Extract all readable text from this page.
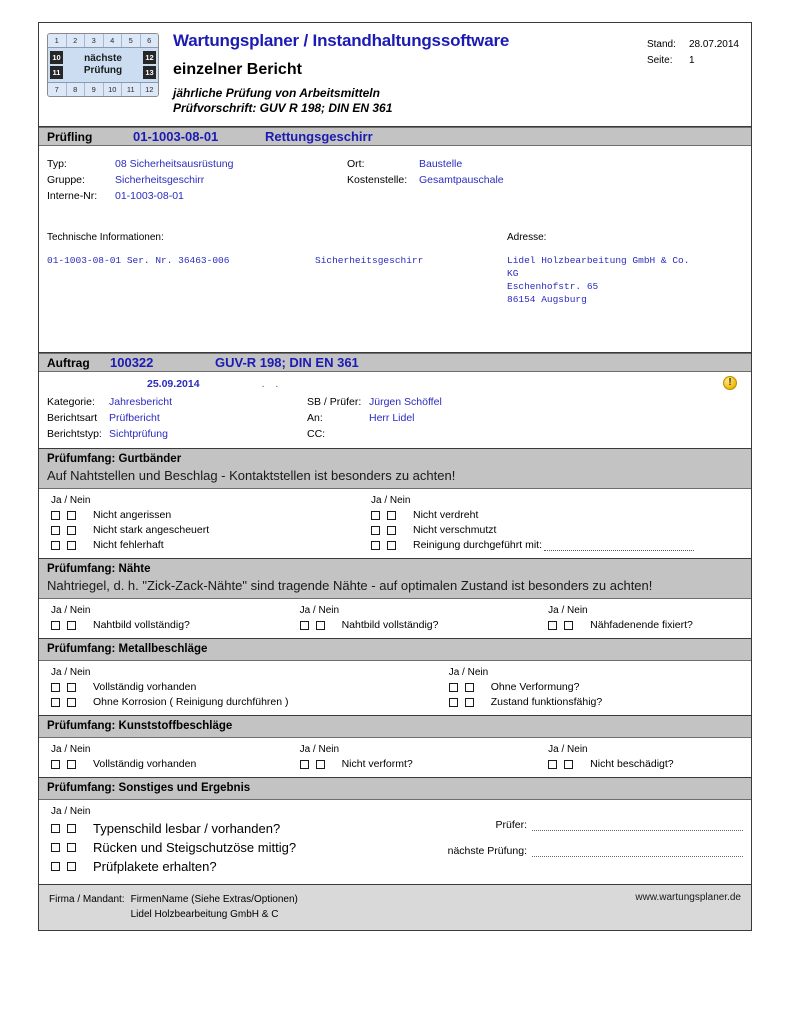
1	2	3	4	5	6
10
11
nächste
Prüfung
12
13
7	8	9	10	11	12
Wartungsplaner / Instandhaltungssoftware
einzelner Bericht
jährliche Prüfung von Arbeitsmitteln
Prüfvorschrift: GUV R 198; DIN EN 361
Stand:	28.07.2014
Seite:	1
Prüfling	01-1003-08-01	Rettungsgeschirr
Typ:	08 Sicherheitsausrüstung
Gruppe:	Sicherheitsgeschirr
Interne-Nr:	01-1003-08-01
Ort:	Baustelle
Kostenstelle:	Gesamtpauschale
Technische Informationen:
01-1003-08-01 Ser. Nr. 36463-006	Sicherheitsgeschirr
Adresse:
Lidel Holzbearbeitung GmbH & Co.
KG
Eschenhofstr. 65
86154 Augsburg
Auftrag	100322	GUV-R 198; DIN EN 361
!
25.09.2014	. .
Kategorie:	Jahresbericht
Berichtsart	Prüfbericht
Berichtstyp: Sichtprüfung
SB / Prüfer: Jürgen Schöffel
An:	Herr Lidel
CC:
Prüfumfang: Gurtbänder
Auf Nahtstellen und Beschlag - Kontaktstellen ist besonders zu achten!
Ja / Nein
Nicht angerissen
Nicht stark angescheuert
Nicht fehlerhaft
Ja / Nein
Nicht verdreht
Nicht verschmutzt
Reinigung durchgeführt mit:
Prüfumfang: Nähte
Nahtriegel, d. h. "Zick-Zack-Nähte" sind tragende Nähte - auf optimalen Zustand ist besonders zu achten!
Ja / Nein
Nahtbild vollständig?
Ja / Nein
Nahtbild vollständig?
Ja / Nein
Nähfadenende fixiert?
Prüfumfang: Metallbeschläge
Ja / Nein
Vollständig vorhanden
Ohne Korrosion ( Reinigung durchführen )
Ja / Nein
Ohne Verformung?
Zustand funktionsfähig?
Prüfumfang: Kunststoffbeschläge
Ja / Nein
Vollständig vorhanden
Ja / Nein
Nicht verformt?
Ja / Nein
Nicht beschädigt?
Prüfumfang: Sonstiges und Ergebnis
Ja / Nein
Typenschild lesbar / vorhanden?
Rücken und Steigschutzöse mittig?
Prüfplakete erhalten?
Prüfer:
nächste Prüfung:
Firma / Mandant: FirmenName (Siehe Extras/Optionen)
Lidel Holzbearbeitung GmbH & C
www.wartungsplaner.de
